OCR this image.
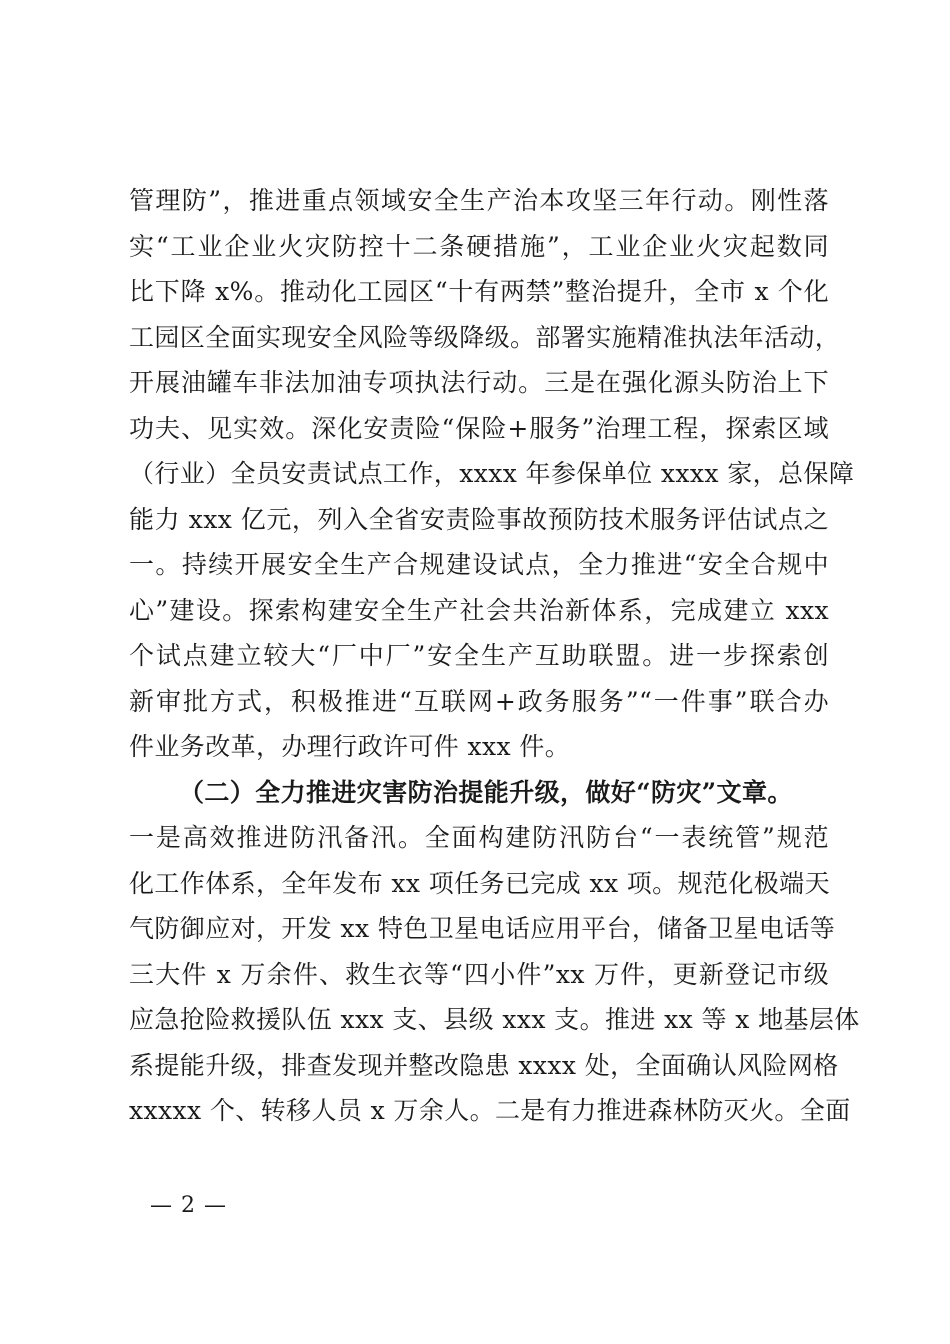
管理防”，推进重点领域安全生产治本攻坚三年行动。刚性落
实“工业企业火灾防控十二条硬措施”，工业企业火灾起数同
比下降 x%。推动化工园区“十有两禁”整治提升，全市 x 个化
工园区全面实现安全风险等级降级。部署实施精准执法年活动，
开展油罐车非法加油专项执法行动。三是在强化源头防治上下
功夫、见实效。深化安责险“保险+服务”治理工程，探索区域
（行业）全员安责试点工作，xxxx 年参保单位 xxxx 家，总保障
能力 xxx 亿元，列入全省安责险事故预防技术服务评估试点之
一。持续开展安全生产合规建设试点，全力推进“安全合规中
心”建设。探索构建安全生产社会共治新体系，完成建立 xxx
个试点建立较大“厂中厂”安全生产互助联盟。进一步探索创
新审批方式，积极推进“互联网+政务服务”“一件事”联合办
件业务改革，办理行政许可件 xxx 件。
（二）全力推进灾害防治提能升级，做好“防灾”文章。
一是高效推进防汛备汛。全面构建防汛防台“一表统管”规范
化工作体系，全年发布 xx 项任务已完成 xx 项。规范化极端天
气防御应对，开发 xx 特色卫星电话应用平台，储备卫星电话等
三大件 x 万余件、救生衣等“四小件”xx 万件，更新登记市级
应急抢险救援队伍 xxx 支、县级 xxx 支。推进 xx 等 x 地基层体
系提能升级，排查发现并整改隐患 xxxx 处，全面确认风险网格
xxxxx 个、转移人员 x 万余人。二是有力推进森林防灭火。全面
— 2 —
